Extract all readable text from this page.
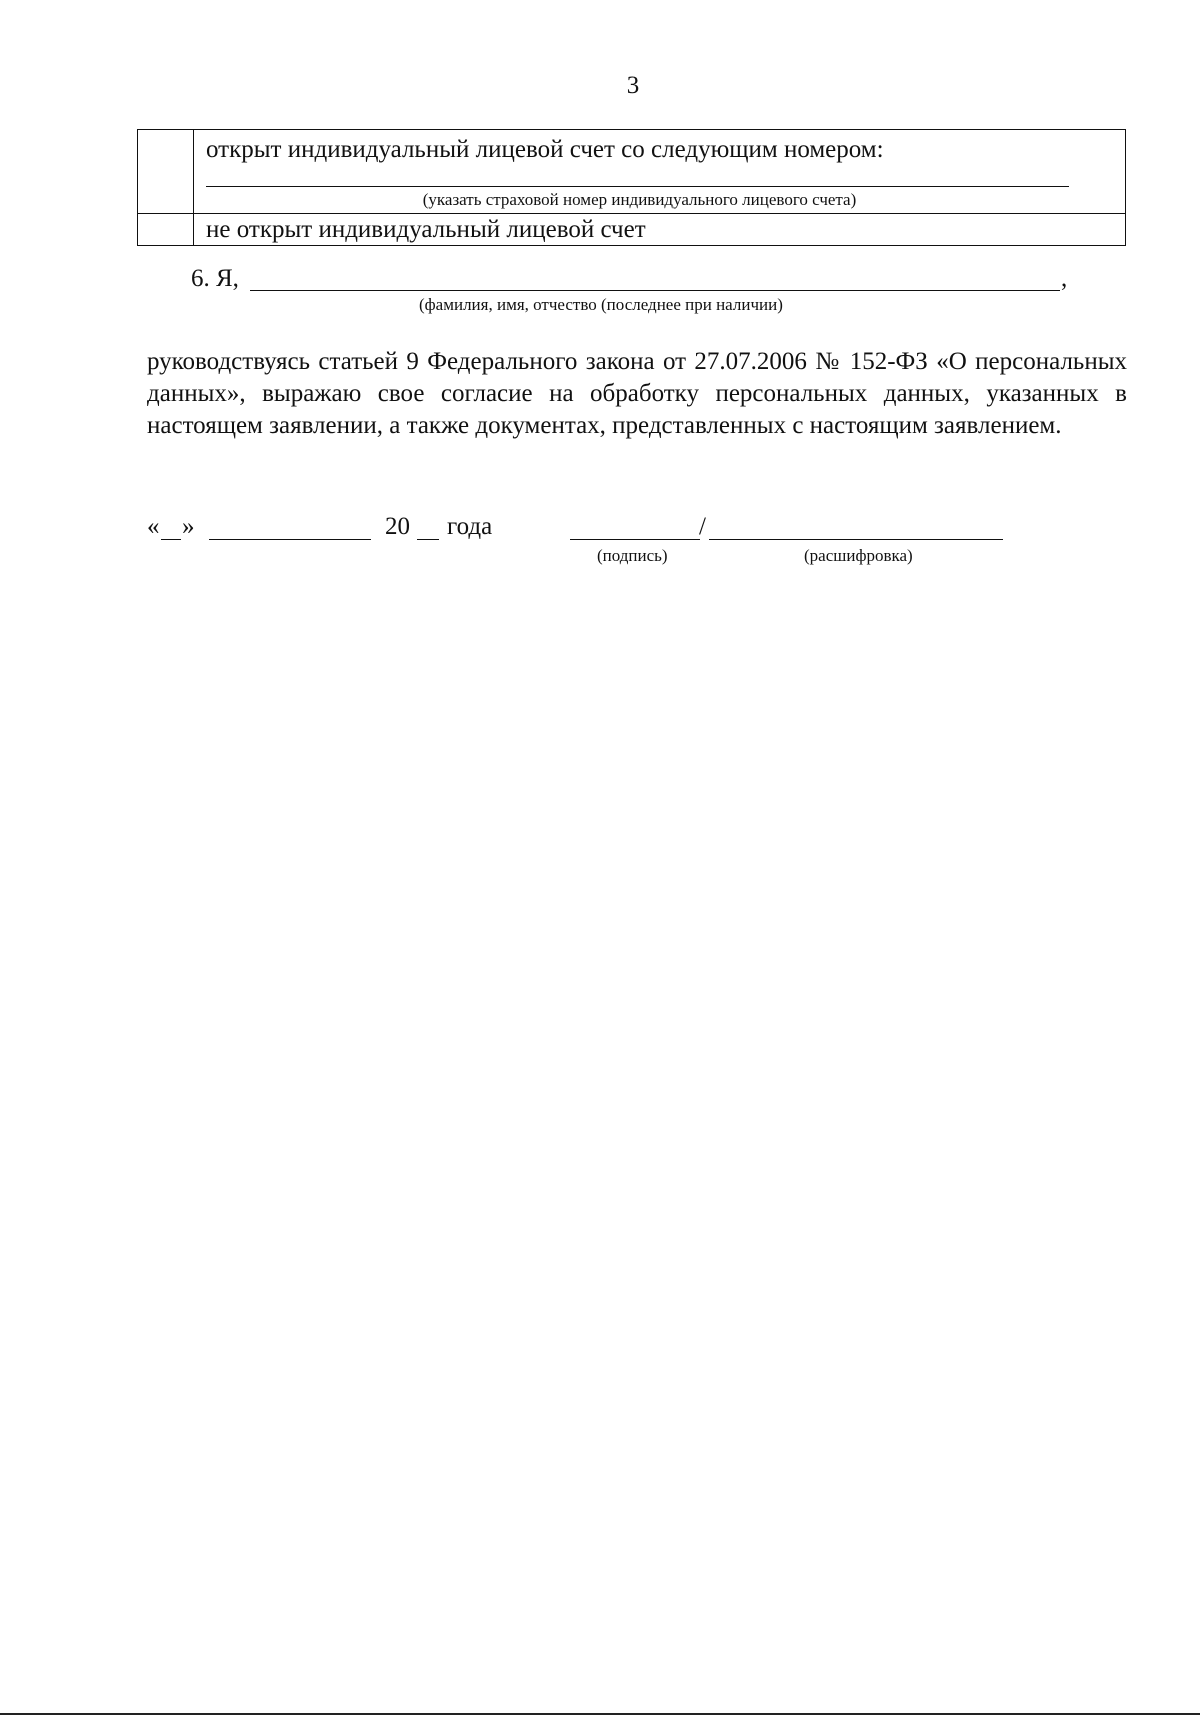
3

	открыт индивидуальный лицевой счет со следующим номером:
(указать страховой номер индивидуального лицевого счета)

	не открыт индивидуальный лицевой счет
6. Я,	,
(фамилия, имя, отчество (последнее при наличии)
руководствуясь статьей 9 Федерального закона от 27.07.2006 № 152-ФЗ «О персональных данных», выражаю свое согласие на обработку персональных данных, указанных в настоящем заявлении, а также документах, представленных с настоящим заявлением.
« »	20 года	/
(подпись)	(расшифровка)
